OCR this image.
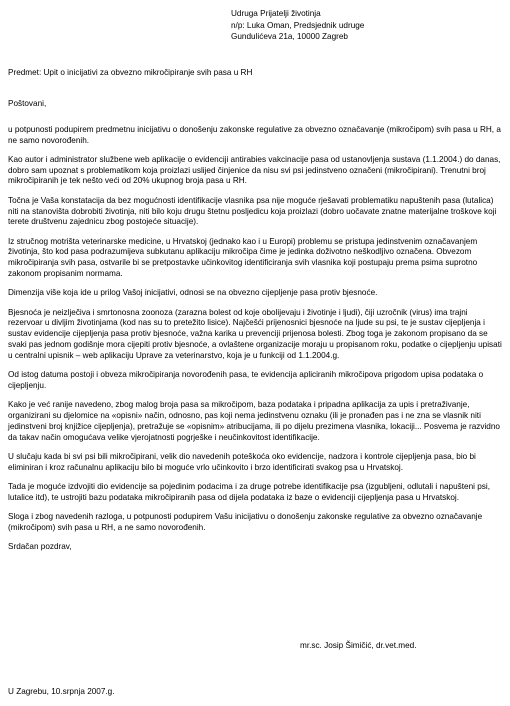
Udruga Prijatelji životinja
n/p: Luka Oman, Predsjednik udruge
Gundulićeva 21a, 10000 Zagreb
Predmet: Upit o inicijativi za obvezno mikročipiranje svih pasa u RH

Poštovani,

u potpunosti podupirem predmetnu inicijativu o donošenju zakonske regulative za obvezno označavanje (mikročipom) svih pasa u RH, a ne samo novorođenih.

Kao autor i administrator službene web aplikacije o evidenciji antirabies vakcinacije pasa od ustanovljenja sustava (1.1.2004.) do danas, dobro sam upoznat s problematikom koja proizlazi uslijed činjenice da nisu svi psi jedinstveno označeni (mikročipirani). Trenutni broj mikročipiranih je tek nešto veći od 20% ukupnog broja pasa u RH.

Točna je Vaša konstatacija da bez mogućnosti identifikacije vlasnika psa nije moguće rješavati problematiku napuštenih pasa (lutalica) niti na stanovišta dobrobiti životinja, niti bilo koju drugu štetnu posljedicu koja proizlazi (dobro uočavate znatne materijalne troškove koji terete društvenu zajednicu zbog postojeće situacije).

Iz stručnog motrišta veterinarske medicine, u Hrvatskoj (jednako kao i u Europi) problemu se pristupa jedinstvenim označavanjem životinja, što kod pasa podrazumijeva subkutanu aplikaciju mikročipa čime je jedinka doživotno neškodljivo označena. Obvezom mikročipiranja svih pasa, ostvarile bi se pretpostavke učinkovitog identificiranja svih vlasnika koji postupaju prema psima suprotno zakonom propisanim normama.

Dimenzija više koja ide u prilog Vašoj inicijativi, odnosi se na obvezno cijepljenje pasa protiv bjesnoće.

Bjesnoća je neizlječiva i smrtonosna zoonoza (zarazna bolest od koje obolijevaju i životinje i ljudi), čiji uzročnik (virus) ima trajni rezervoar u divljim životinjama (kod nas su to pretežito lisice). Najčešći prijenosnici bjesnoće na ljude su psi, te je sustav cijepljenja i sustav evidencije cijepljenja pasa protiv bjesnoće, važna karika u prevenciji prijenosa bolesti. Zbog toga je zakonom propisano da se svaki pas jednom godišnje mora cijepiti protiv bjesnoće, a ovlaštene organizacije moraju u propisanom roku, podatke o cijepljenju upisati u centralni upisnik – web aplikaciju Uprave za veterinarstvo, koja je u funkciji od 1.1.2004.g.

Od istog datuma postoji i obveza mikročipiranja novorođenih pasa, te evidencija apliciranih mikročipova prigodom upisa podataka o cijepljenju.

Kako je već ranije navedeno, zbog malog broja pasa sa mikročipom, baza podataka i pripadna aplikacija za upis i pretraživanje, organizirani su djelomice na «opisni» način, odnosno, pas koji nema jedinstvenu oznaku (ili je pronađen pas i ne zna se vlasnik niti jedinstveni broj knjižice cijepljenja), pretražuje se «opisnim» atribucijama, ili po dijelu prezimena vlasnika, lokaciji... Posvema je razvidno da takav način omogućava velike vjerojatnosti pogrješke i neučinkovitost identifikacije.

U slučaju kada bi svi psi bili mikročipirani, velik dio navedenih poteškoća oko evidencije, nadzora i kontrole cijepljenja pasa, bio bi eliminiran i kroz računalnu aplikaciju bilo bi moguće vrlo učinkovito i brzo identificirati svakog psa u Hrvatskoj.

Tada je moguće izdvojiti dio evidencije sa pojedinim podacima i za druge potrebe identifikacije psa (izgubljeni, odlutali i napušteni psi, lutalice itd), te ustrojiti bazu podataka mikročipiranih pasa od dijela podataka iz baze o evidenciji cijepljenja pasa u Hrvatskoj.

Sloga i zbog navedenih razloga, u potpunosti podupirem Vašu inicijativu o donošenju zakonske regulative za obvezno označavanje (mikročipom) svih pasa u RH, a ne samo novorođenih.

Srdačan pozdrav,

mr.sc. Josip Šimičić, dr.vet.med.
U Zagrebu, 10.srpnja 2007.g.
